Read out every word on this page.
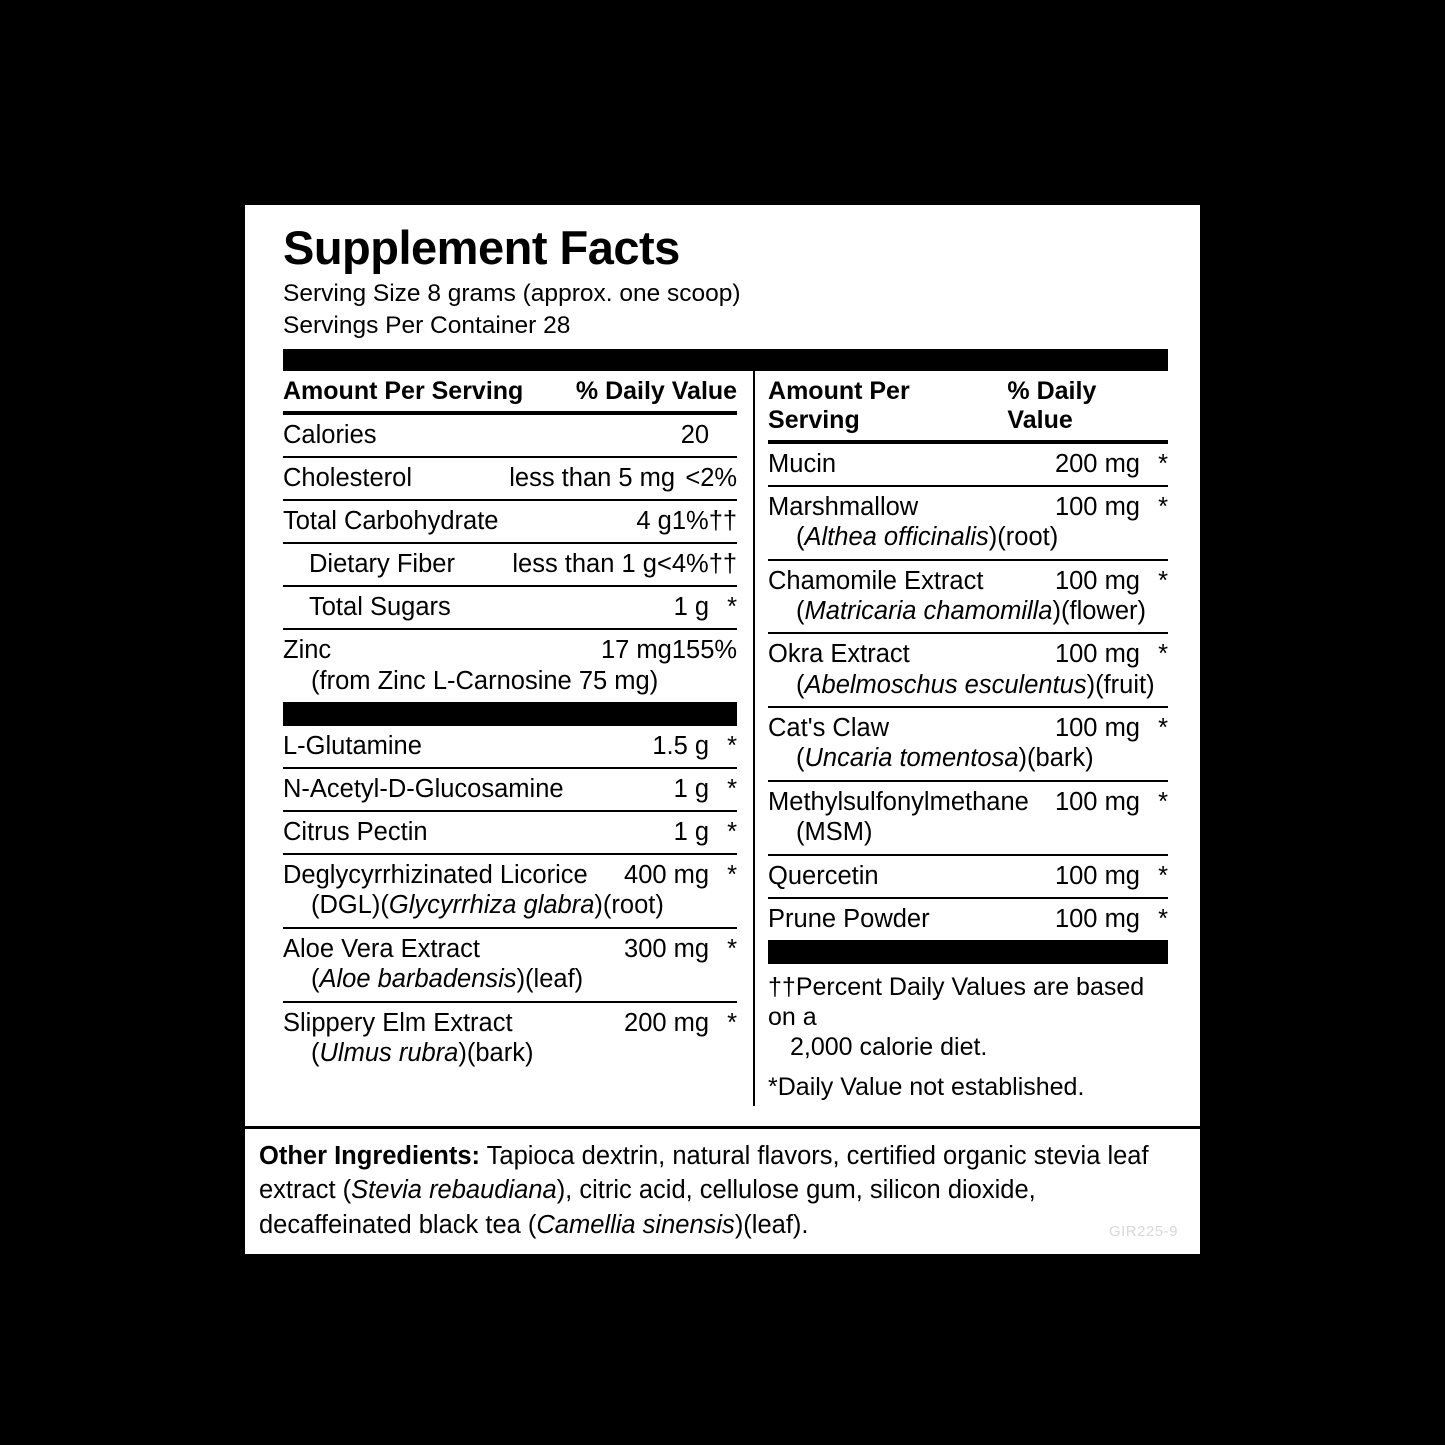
Supplement Facts
Serving Size 8 grams (approx. one scoop)
Servings Per Container 28
Amount Per Serving % Daily Value
Calories	20
Cholesterol	less than 5 mg <2%
Total Carbohydrate	4 g 1%††
Dietary Fiber	less than 1 g <4%††
Total Sugars	1 g *
Zinc	17 mg 155%
(from Zinc L-Carnosine 75 mg)
L-Glutamine	1.5 g *
N-Acetyl-D-Glucosamine	1 g *
Citrus Pectin	1 g *
Deglycyrrhizinated Licorice	400 mg *
(DGL)(Glycyrrhiza glabra)(root)
Aloe Vera Extract	300 mg *
(Aloe barbadensis)(leaf)
Slippery Elm Extract	200 mg *
(Ulmus rubra)(bark)
Amount Per Serving
% Daily Value
Mucin	200 mg *
Marshmallow	100 mg *
(Althea officinalis)(root)
Chamomile Extract	100 mg *
(Matricaria chamomilla)(flower)
Okra Extract	100 mg *
(Abelmoschus esculentus)(fruit)
Cat's Claw	100 mg *
(Uncaria tomentosa)(bark)
Methylsulfonylmethane	100 mg *
(MSM)
Quercetin	100 mg *
Prune Powder	100 mg *
††Percent Daily Values are based on a
2,000 calorie diet.
*Daily Value not established.
Other Ingredients: Tapioca dextrin, natural flavors, certified organic stevia leaf extract (Stevia rebaudiana), citric acid, cellulose gum, silicon dioxide, decaffeinated black tea (Camellia sinensis)(leaf).	GIR225-9
